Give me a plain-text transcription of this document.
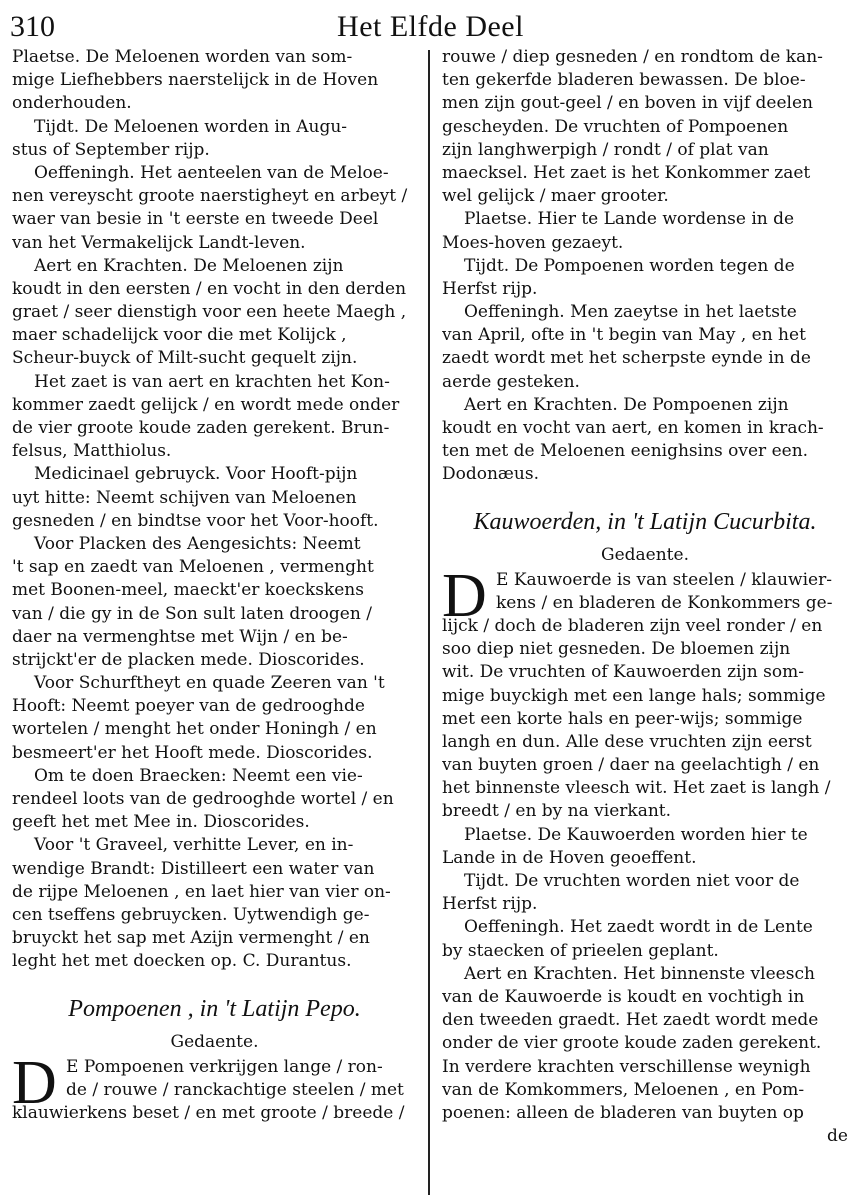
310	Het Elfde Deel
Plaetse. De Meloenen worden van som-
mige Liefhebbers naerstelijck in de Hoven
onderhouden.
Tijdt. De Meloenen worden in Augu-
stus of September rijp.
Oeffeningh. Het aenteelen van de Meloe-
nen vereyscht groote naerstigheyt en arbeyt /
waer van besie in 't eerste en tweede Deel
van het Vermakelijck Landt-leven.
Aert en Krachten. De Meloenen zijn
koudt in den eersten / en vocht in den derden
graet / seer dienstigh voor een heete Maegh ,
maer schadelijck voor die met Kolijck ,
Scheur-buyck of Milt-sucht gequelt zijn.
Het zaet is van aert en krachten het Kon-
kommer zaedt gelijck / en wordt mede onder
de vier groote koude zaden gerekent. Brun-
felsus, Matthiolus.
Medicinael gebruyck. Voor Hooft-pijn
uyt hitte: Neemt schijven van Meloenen
gesneden / en bindtse voor het Voor-hooft.
Voor Placken des Aengesichts: Neemt
't sap en zaedt van Meloenen , vermenght
met Boonen-meel, maeckt'er koeckskens
van / die gy in de Son sult laten droogen /
daer na vermenghtse met Wijn / en be-
strijckt'er de placken mede. Dioscorides.
Voor Schurftheyt en quade Zeeren van 't
Hooft: Neemt poeyer van de gedrooghde
wortelen / menght het onder Honingh / en
besmeert'er het Hooft mede. Dioscorides.
Om te doen Braecken: Neemt een vie-
rendeel loots van de gedrooghde wortel / en
geeft het met Mee in. Dioscorides.
Voor 't Graveel, verhitte Lever, en in-
wendige Brandt: Distilleert een water van
de rijpe Meloenen , en laet hier van vier on-
cen tseffens gebruycken. Uytwendigh ge-
bruyckt het sap met Azijn vermenght / en
leght het met doecken op. C. Durantus.
Pompoenen , in 't Latijn Pepo.
Gedaente.
D E Pompoenen verkrijgen lange / ron-
de / rouwe / ranckachtige steelen / met
klauwierkens beset / en met groote / breede /
rouwe / diep gesneden / en rondtom de kan-
ten gekerfde bladeren bewassen. De bloe-
men zijn gout-geel / en boven in vijf deelen
gescheyden. De vruchten of Pompoenen
zijn langhwerpigh / rondt / of plat van
maecksel. Het zaet is het Konkommer zaet
wel gelijck / maer grooter.
Plaetse. Hier te Lande wordense in de
Moes-hoven gezaeyt.
Tijdt. De Pompoenen worden tegen de
Herfst rijp.
Oeffeningh. Men zaeytse in het laetste
van April, ofte in 't begin van May , en het
zaedt wordt met het scherpste eynde in de
aerde gesteken.
Aert en Krachten. De Pompoenen zijn
koudt en vocht van aert, en komen in krach-
ten met de Meloenen eenighsins over een.
Dodonæus.
Kauwoerden, in 't Latijn Cucurbita.
Gedaente.
D E Kauwoerde is van steelen / klauwier-
kens / en bladeren de Konkommers ge-
lijck / doch de bladeren zijn veel ronder / en
soo diep niet gesneden. De bloemen zijn
wit. De vruchten of Kauwoerden zijn som-
mige buyckigh met een lange hals; sommige
met een korte hals en peer-wijs; sommige
langh en dun. Alle dese vruchten zijn eerst
van buyten groen / daer na geelachtigh / en
het binnenste vleesch wit. Het zaet is langh /
breedt / en by na vierkant.
Plaetse. De Kauwoerden worden hier te
Lande in de Hoven geoeffent.
Tijdt. De vruchten worden niet voor de
Herfst rijp.
Oeffeningh. Het zaedt wordt in de Lente
by staecken of prieelen geplant.
Aert en Krachten. Het binnenste vleesch
van de Kauwoerde is koudt en vochtigh in
den tweeden graedt. Het zaedt wordt mede
onder de vier groote koude zaden gerekent.
In verdere krachten verschillense weynigh
van de Komkommers, Meloenen , en Pom-
poenen: alleen de bladeren van buyten op
de
